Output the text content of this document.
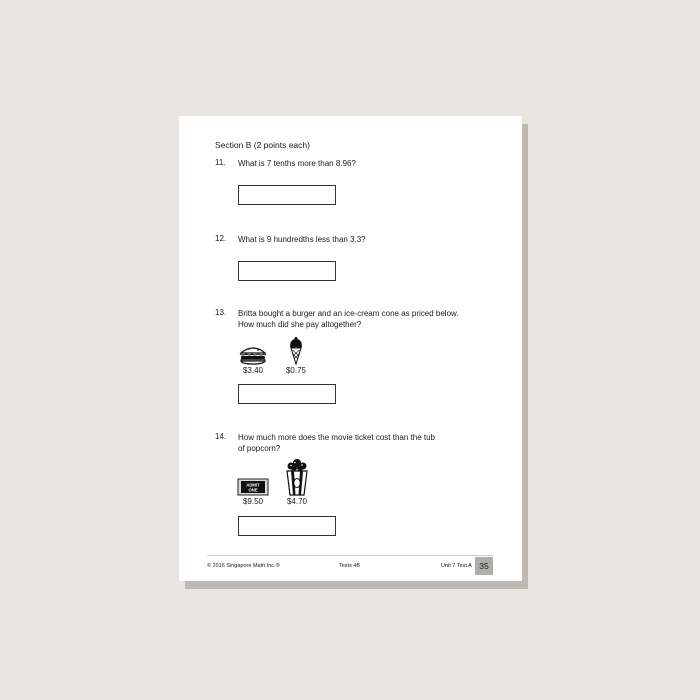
Section B (2 points each)
11. What is 7 tenths more than 8.96?
12. What is 9 hundredths less than 3.3?
13. Britta bought a burger and an ice-cream cone as priced below.
How much did she pay altogether?
$3.40	$0.75
14. How much more does the movie ticket cost than the tub
of popcorn?
ADMIT
ONE
$9.50	$4.70
© 2016 Singapore Math Inc.®	Tests 4B	Unit 7 Test A 35
